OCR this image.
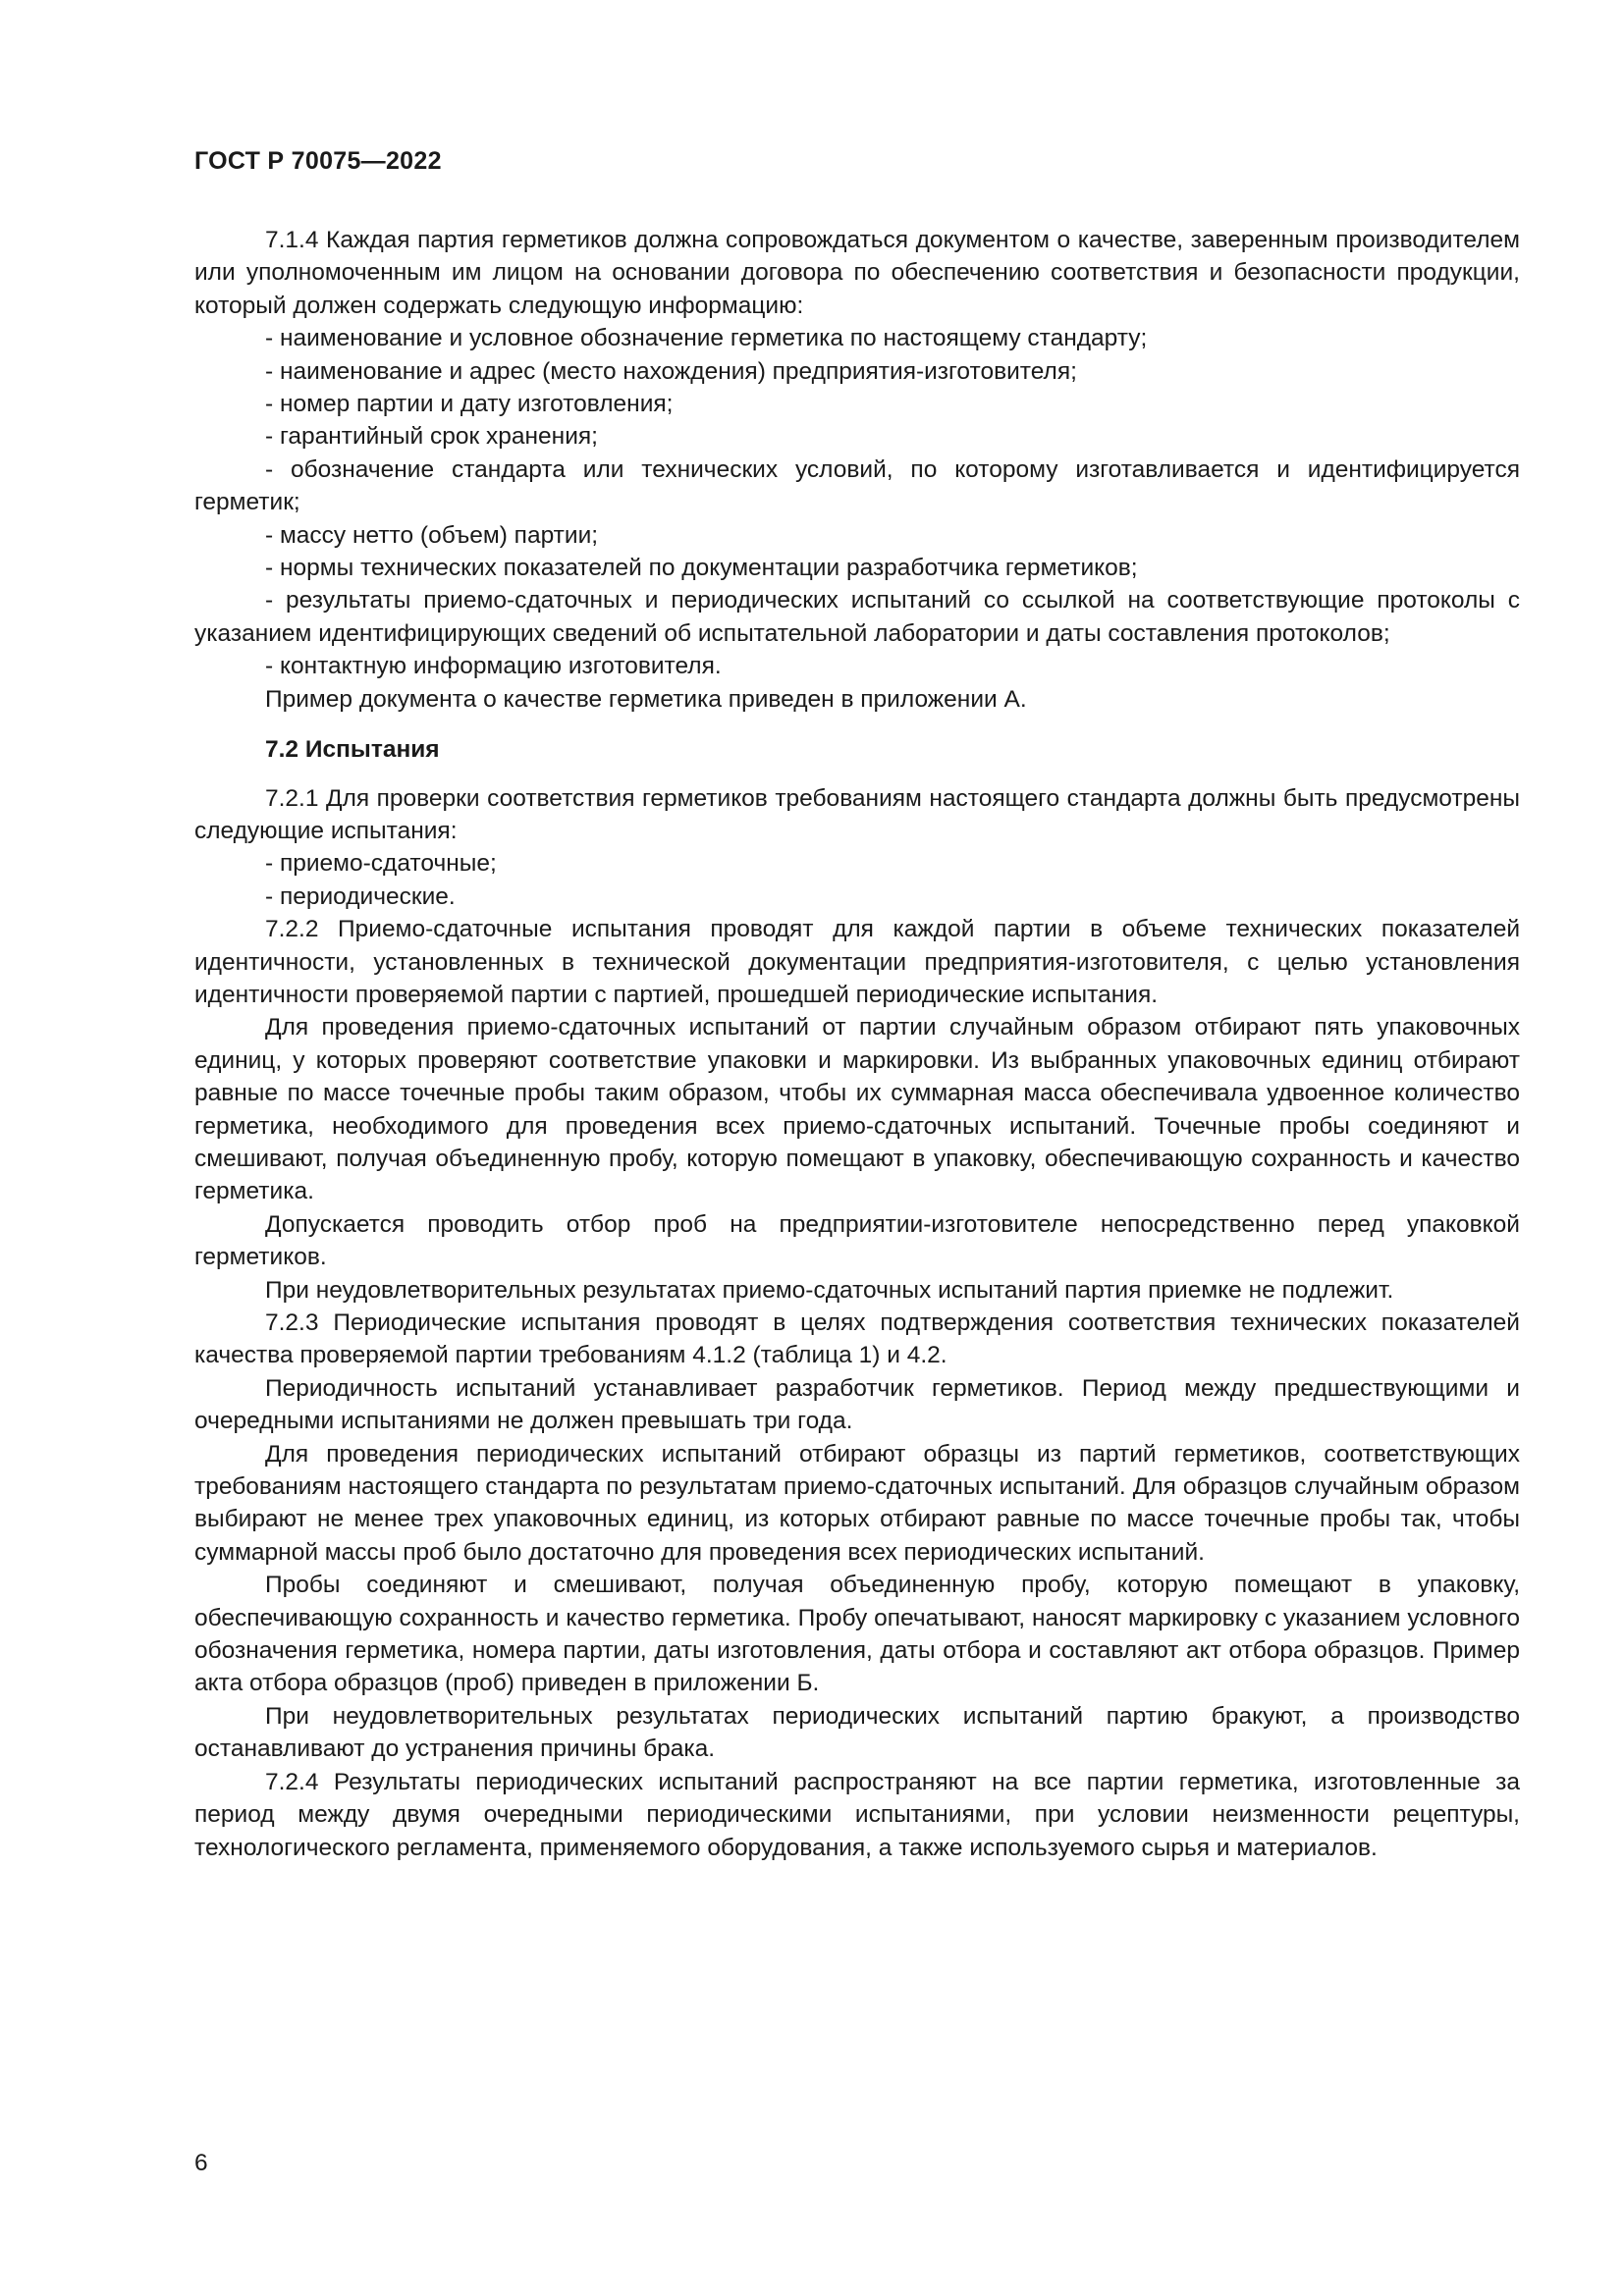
ГОСТ Р 70075—2022

7.1.4 Каждая партия герметиков должна сопровождаться документом о качестве, заверенным производителем или уполномоченным им лицом на основании договора по обеспечению соответствия и безопасности продукции, который должен содержать следующую информацию:

- наименование и условное обозначение герметика по настоящему стандарту;

- наименование и адрес (место нахождения) предприятия-изготовителя;

- номер партии и дату изготовления;

- гарантийный срок хранения;

- обозначение стандарта или технических условий, по которому изготавливается и идентифицируется герметик;

- массу нетто (объем) партии;

- нормы технических показателей по документации разработчика герметиков;

- результаты приемо-сдаточных и периодических испытаний со ссылкой на соответствующие протоколы с указанием идентифицирующих сведений об испытательной лаборатории и даты составления протоколов;

- контактную информацию изготовителя.

Пример документа о качестве герметика приведен в приложении А.

7.2 Испытания

7.2.1 Для проверки соответствия герметиков требованиям настоящего стандарта должны быть предусмотрены следующие испытания:

- приемо-сдаточные;

- периодические.

7.2.2 Приемо-сдаточные испытания проводят для каждой партии в объеме технических показателей идентичности, установленных в технической документации предприятия-изготовителя, с целью установления идентичности проверяемой партии с партией, прошедшей периодические испытания.

Для проведения приемо-сдаточных испытаний от партии случайным образом отбирают пять упаковочных единиц, у которых проверяют соответствие упаковки и маркировки. Из выбранных упаковочных единиц отбирают равные по массе точечные пробы таким образом, чтобы их суммарная масса обеспечивала удвоенное количество герметика, необходимого для проведения всех приемо-сдаточных испытаний. Точечные пробы соединяют и смешивают, получая объединенную пробу, которую помещают в упаковку, обеспечивающую сохранность и качество герметика.

Допускается проводить отбор проб на предприятии-изготовителе непосредственно перед упаковкой герметиков.

При неудовлетворительных результатах приемо-сдаточных испытаний партия приемке не подлежит.

7.2.3 Периодические испытания проводят в целях подтверждения соответствия технических показателей качества проверяемой партии требованиям 4.1.2 (таблица 1) и 4.2.

Периодичность испытаний устанавливает разработчик герметиков. Период между предшествующими и очередными испытаниями не должен превышать три года.

Для проведения периодических испытаний отбирают образцы из партий герметиков, соответствующих требованиям настоящего стандарта по результатам приемо-сдаточных испытаний. Для образцов случайным образом выбирают не менее трех упаковочных единиц, из которых отбирают равные по массе точечные пробы так, чтобы суммарной массы проб было достаточно для проведения всех периодических испытаний.

Пробы соединяют и смешивают, получая объединенную пробу, которую помещают в упаковку, обеспечивающую сохранность и качество герметика. Пробу опечатывают, наносят маркировку с указанием условного обозначения герметика, номера партии, даты изготовления, даты отбора и составляют акт отбора образцов. Пример акта отбора образцов (проб) приведен в приложении Б.

При неудовлетворительных результатах периодических испытаний партию бракуют, а производство останавливают до устранения причины брака.

7.2.4 Результаты периодических испытаний распространяют на все партии герметика, изготовленные за период между двумя очередными периодическими испытаниями, при условии неизменности рецептуры, технологического регламента, применяемого оборудования, а также используемого сырья и материалов.

6
